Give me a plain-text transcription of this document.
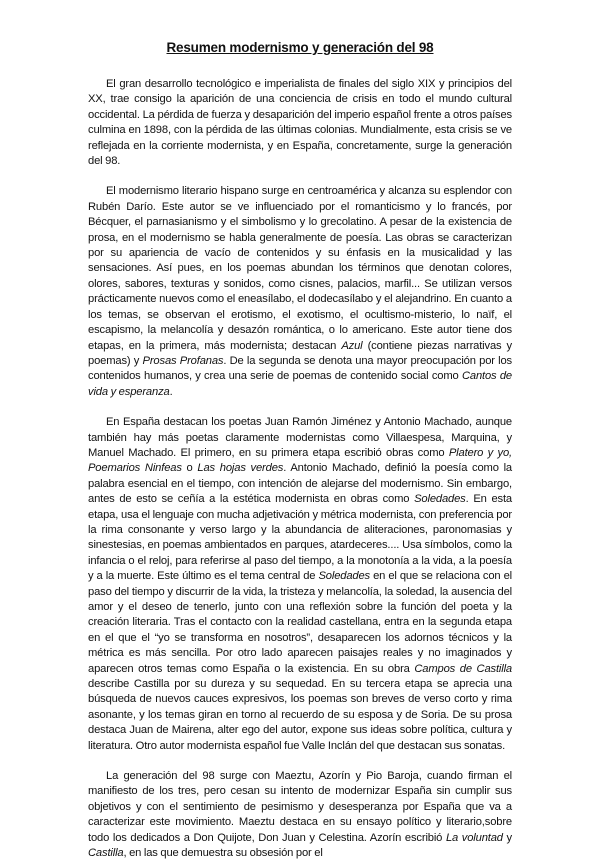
Resumen modernismo y generación del 98

El gran desarrollo tecnológico e imperialista de finales del siglo XIX y principios del XX, trae consigo la aparición de una conciencia de crisis en todo el mundo cultural occidental. La pérdida de fuerza y desaparición del imperio español frente a otros países culmina en 1898, con la pérdida de las últimas colonias. Mundialmente, esta crisis se ve reflejada en la corriente modernista, y en España, concretamente, surge la generación del 98.

El modernismo literario hispano surge en centroamérica y alcanza su esplendor con Rubén Darío. Este autor se ve influenciado por el romanticismo y lo francés, por Bécquer, el parnasianismo y el simbolismo y lo grecolatino. A pesar de la existencia de prosa, en el modernismo se habla generalmente de poesía. Las obras se caracterizan por su apariencia de vacío de contenidos y su énfasis en la musicalidad y las sensaciones. Así pues, en los poemas abundan los términos que denotan colores, olores, sabores, texturas y sonidos, como cisnes, palacios, marfil... Se utilizan versos prácticamente nuevos como el eneasílabo, el dodecasílabo y el alejandrino. En cuanto a los temas, se observan el erotismo, el exotismo, el ocultismo-misterio, lo naïf, el escapismo, la melancolía y desazón romántica, o lo americano. Este autor tiene dos etapas, en la primera, más modernista; destacan Azul (contiene piezas narrativas y poemas) y Prosas Profanas. De la segunda se denota una mayor preocupación por los contenidos humanos, y crea una serie de poemas de contenido social como Cantos de vida y esperanza.

En España destacan los poetas Juan Ramón Jiménez y Antonio Machado, aunque también hay más poetas claramente modernistas como Villaespesa, Marquina, y Manuel Machado. El primero, en su primera etapa escribió obras como Platero y yo, Poemarios Ninfeas o Las hojas verdes. Antonio Machado, definió la poesía como la palabra esencial en el tiempo, con intención de alejarse del modernismo. Sin embargo, antes de esto se ceñía a la estética modernista en obras como Soledades. En esta etapa, usa el lenguaje con mucha adjetivación y métrica modernista, con preferencia por la rima consonante y verso largo y la abundancia de aliteraciones, paronomasias y sinestesias, en poemas ambientados en parques, atardeceres.... Usa símbolos, como la infancia o el reloj, para referirse al paso del tiempo, a la monotonía a la vida, a la poesía y a la muerte. Este último es el tema central de Soledades en el que se relaciona con el paso del tiempo y discurrir de la vida, la tristeza y melancolía, la soledad, la ausencia del amor y el deseo de tenerlo, junto con una reflexión sobre la función del poeta y la creación literaria. Tras el contacto con la realidad castellana, entra en la segunda etapa en el que el “yo se transforma en nosotros”, desaparecen los adornos técnicos y la métrica es más sencilla. Por otro lado aparecen paisajes reales y no imaginados y aparecen otros temas como España o la existencia. En su obra Campos de Castilla describe Castilla por su dureza y su sequedad. En su tercera etapa se aprecia una búsqueda de nuevos cauces expresivos, los poemas son breves de verso corto y rima asonante, y los temas giran en torno al recuerdo de su esposa y de Soria. De su prosa destaca Juan de Mairena, alter ego del autor, expone sus ideas sobre política, cultura y literatura. Otro autor modernista español fue Valle Inclán del que destacan sus sonatas.

La generación del 98 surge con Maeztu, Azorín y Pio Baroja, cuando firman el manifiesto de los tres, pero cesan su intento de modernizar España sin cumplir sus objetivos y con el sentimiento de pesimismo y desesperanza por España que va a caracterizar este movimiento. Maeztu destaca en su ensayo político y literario,sobre todo los dedicados a Don Quijote, Don Juan y Celestina. Azorín escribió La voluntad y Castilla, en las que demuestra su obsesión por el
